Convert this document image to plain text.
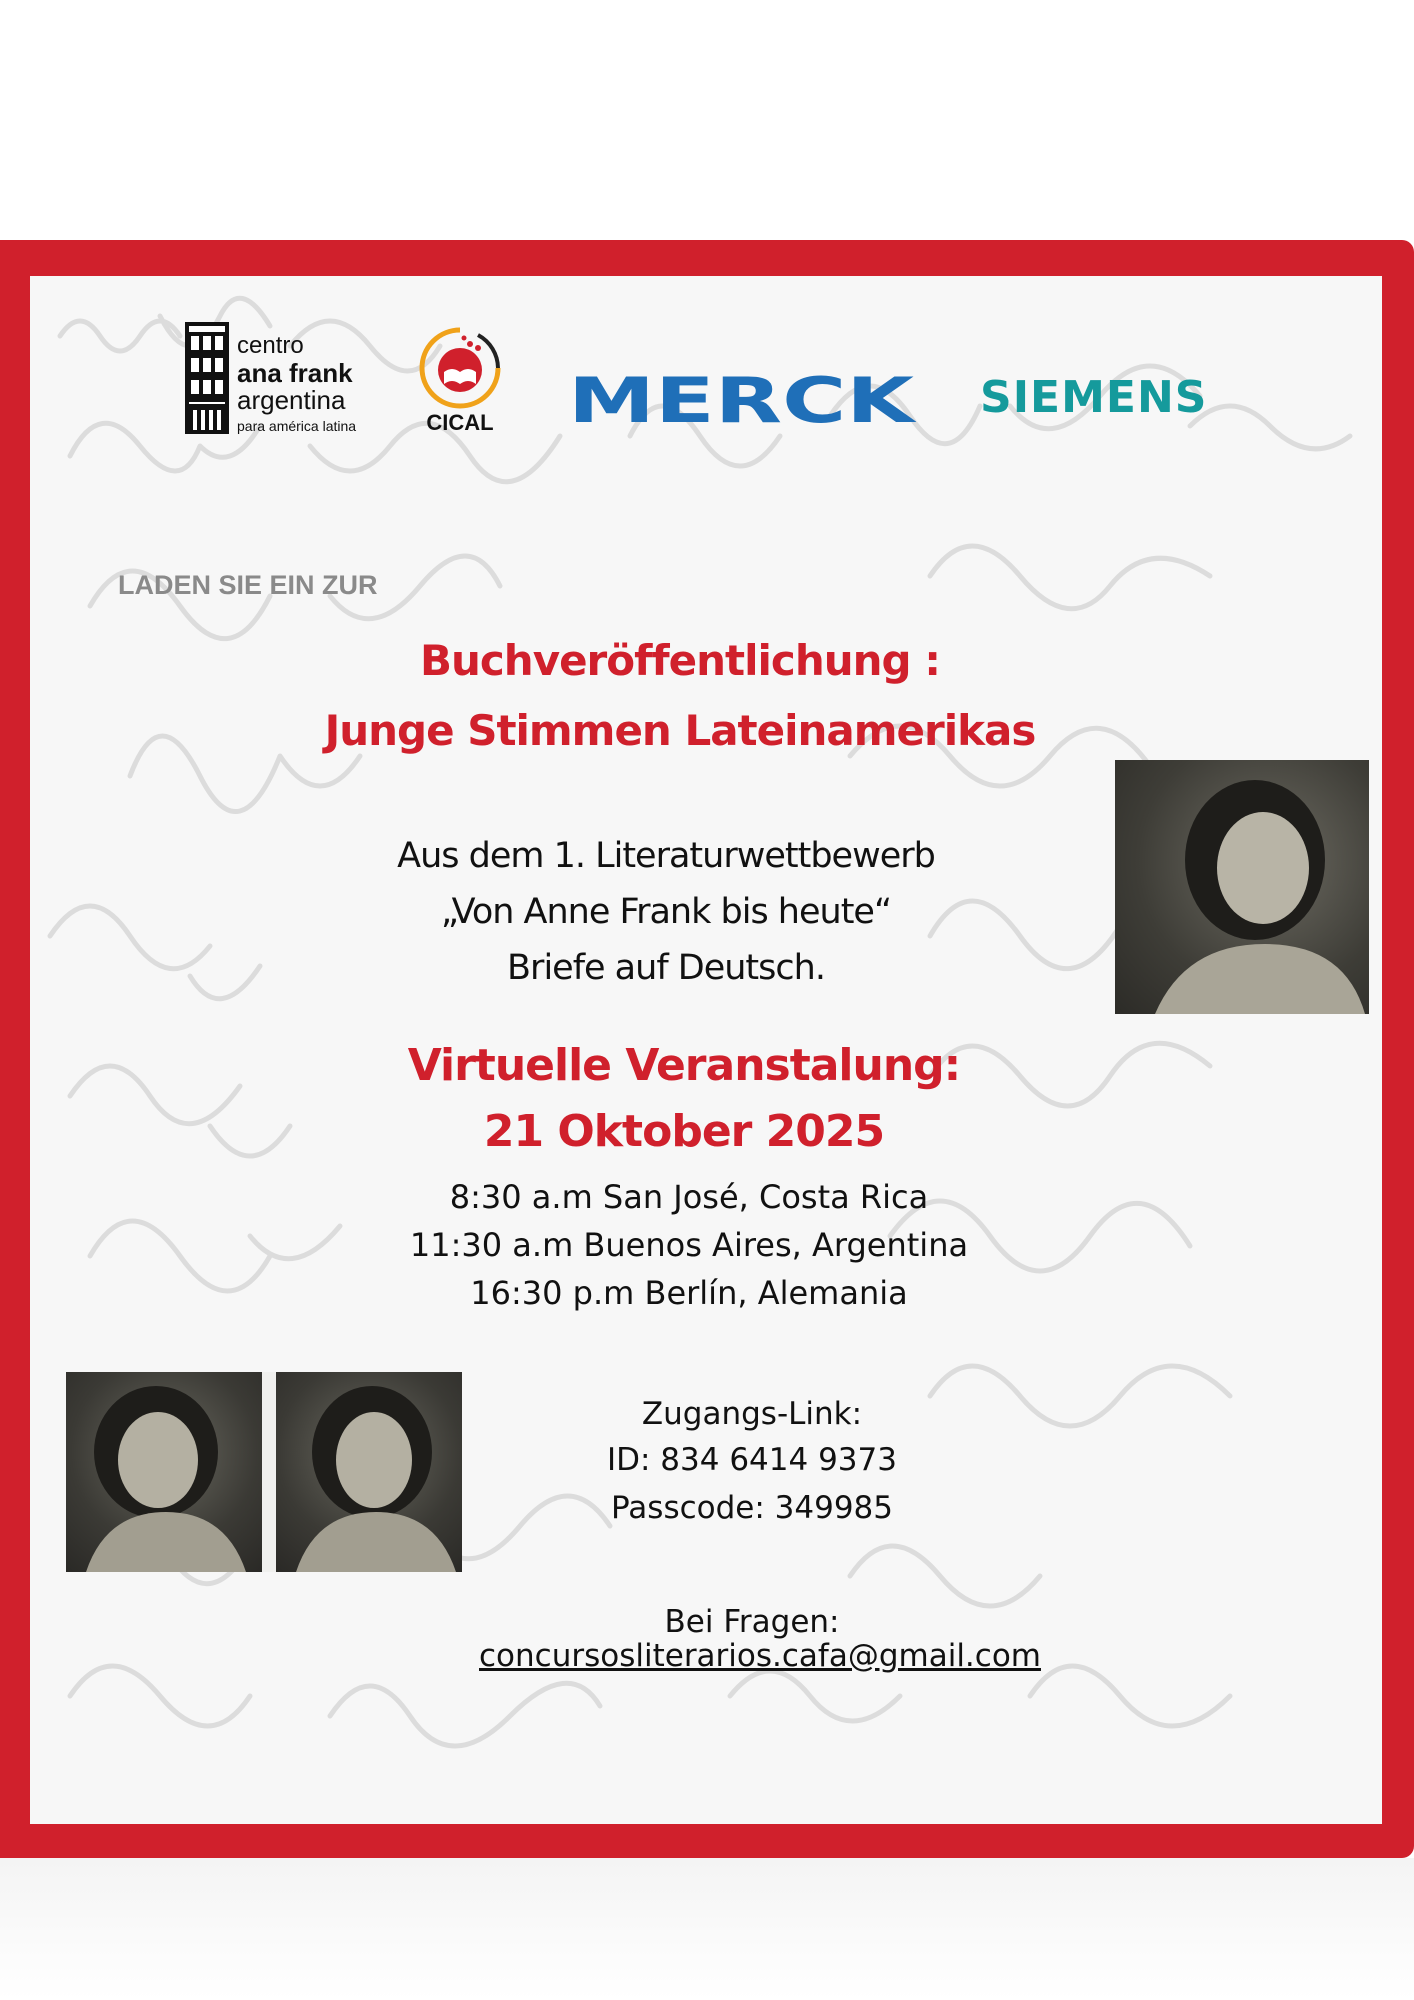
centro
ana frank
argentina
para américa latina	CICAL MERCK SIEMENS
LADEN SIE EIN ZUR
Buchveröffentlichung :
Junge Stimmen Lateinamerikas
Aus dem 1. Literaturwettbewerb
„Von Anne Frank bis heute“
Briefe auf Deutsch.
Virtuelle Veranstalung:
21 Oktober 2025
8:30 a.m San José, Costa Rica
11:30 a.m Buenos Aires, Argentina
16:30 p.m Berlín, Alemania
Zugangs-Link:
ID: 834 6414 9373
Passcode: 349985
Bei Fragen:
concursosliterarios.cafa@gmail.com
